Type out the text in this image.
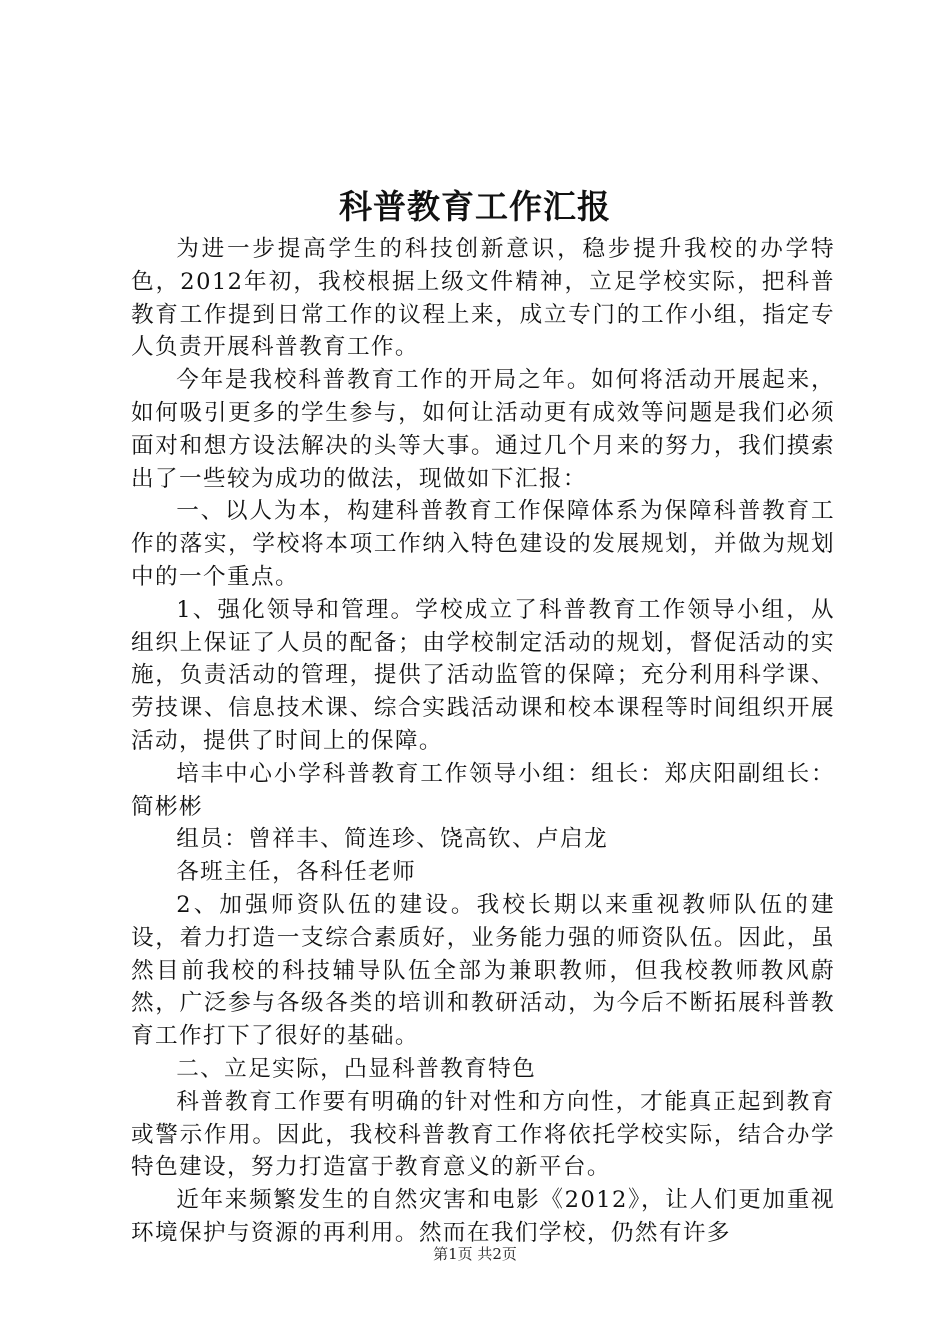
科普教育工作汇报

为进一步提高学生的科技创新意识，稳步提升我校的办学特色，2012年初，我校根据上级文件精神，立足学校实际，把科普教育工作提到日常工作的议程上来，成立专门的工作小组，指定专人负责开展科普教育工作。

今年是我校科普教育工作的开局之年。如何将活动开展起来，如何吸引更多的学生参与，如何让活动更有成效等问题是我们必须面对和想方设法解决的头等大事。通过几个月来的努力，我们摸索出了一些较为成功的做法，现做如下汇报：

一、以人为本，构建科普教育工作保障体系为保障科普教育工作的落实，学校将本项工作纳入特色建设的发展规划，并做为规划中的一个重点。

1、强化领导和管理。学校成立了科普教育工作领导小组，从组织上保证了人员的配备；由学校制定活动的规划，督促活动的实施，负责活动的管理，提供了活动监管的保障；充分利用科学课、劳技课、信息技术课、综合实践活动课和校本课程等时间组织开展活动，提供了时间上的保障。

培丰中心小学科普教育工作领导小组：组长：郑庆阳副组长：简彬彬

组员：曾祥丰、简连珍、饶高钦、卢启龙

各班主任，各科任老师

2、加强师资队伍的建设。我校长期以来重视教师队伍的建设，着力打造一支综合素质好，业务能力强的师资队伍。因此，虽然目前我校的科技辅导队伍全部为兼职教师，但我校教师教风蔚然，广泛参与各级各类的培训和教研活动，为今后不断拓展科普教育工作打下了很好的基础。

二、立足实际，凸显科普教育特色

科普教育工作要有明确的针对性和方向性，才能真正起到教育或警示作用。因此，我校科普教育工作将依托学校实际，结合办学特色建设，努力打造富于教育意义的新平台。

近年来频繁发生的自然灾害和电影《2012》，让人们更加重视环境保护与资源的再利用。然而在我们学校，仍然有许多

第1页 共2页
